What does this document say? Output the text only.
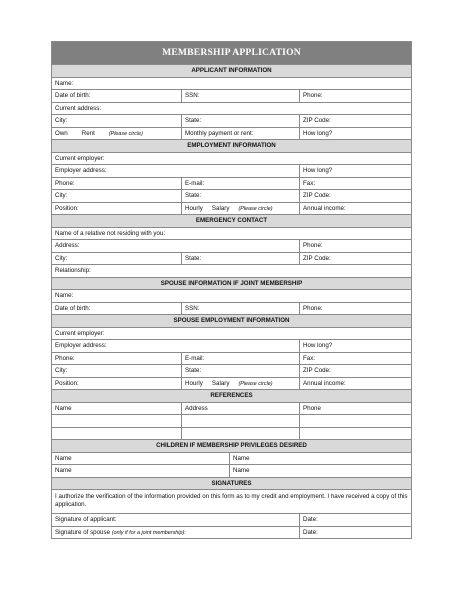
MEMBERSHIP APPLICATION
APPLICANT INFORMATION
Name:
Date of birth:	SSN:	Phone:
Current address:
City:	State:	ZIP Code:
Own Rent	(Please circle)	Monthly payment or rent:	How long?
EMPLOYMENT INFORMATION
Current employer:
Employer address:	How long?
Phone:	E-mail:	Fax:
City:	State:	ZIP Code:
Position:	Hourly Salary (Please circle)	Annual income:
EMERGENCY CONTACT
Name of a relative not residing with you:
Address:	Phone:
City:	State:	ZIP Code:
Relationship:
SPOUSE INFORMATION IF JOINT MEMBERSHIP
Name:
Date of birth:	SSN:	Phone:
SPOUSE EMPLOYMENT INFORMATION
Current employer:
Employer address:	How long?
Phone:	E-mail:	Fax:
City:	State:	ZIP Code:
Position:	Hourly Salary (Please circle)	Annual income:
REFERENCES
Name	Address	Phone
CHILDREN IF MEMBERSHIP PRIVILEGES DESIRED
Name	Name
Name	Name
SIGNATURES
I authorize the verification of the information provided on this form as to my credit and employment. I have received a copy of this application.
Signature of applicant:	Date:
Signature of spouse (only if for a joint membership):	Date:
